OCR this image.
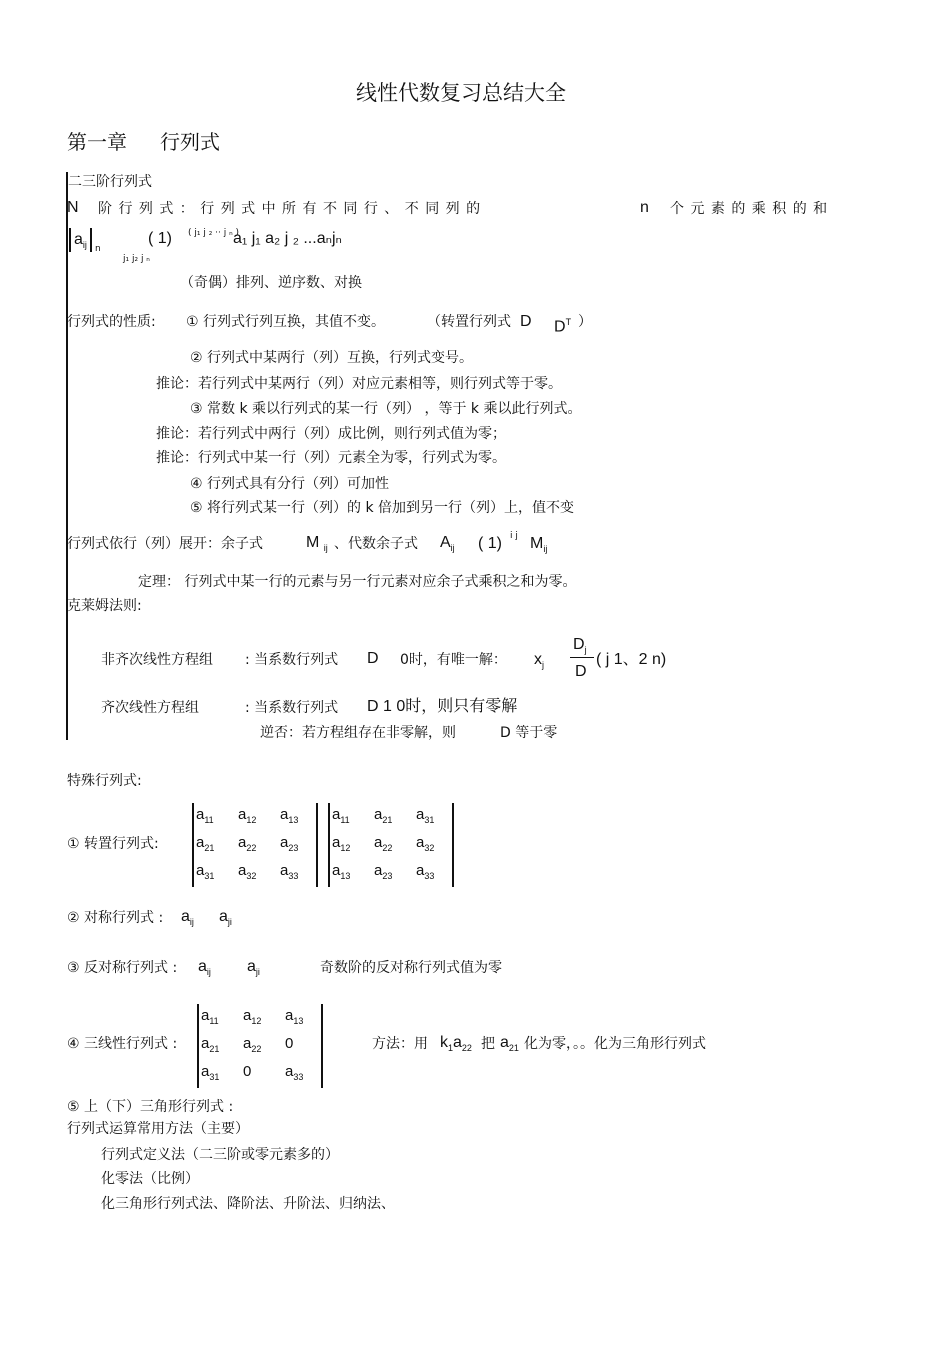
线性代数复习总结大全
第一章 行列式
二三阶行列式
N 阶 行 列 式 ： 行 列 式 中 所 有 不 同 行 、 不 同 列 的	n 个 元 素 的 乘 积 的 和
$a_{ij}$ n
j₁ j₂ j ₙ
( 1) ( j₁ j ₂ ·· j ₙ )
a₁ j₁ a₂ j ₂ ...aₙjₙ
（奇偶）排列、逆序数、对换
行列式的性质: ① 行列式行列互换，其值不变。	（转置行列式 D $D^T$ ）
② 行列式中某两行（列）互换，行列式变号。
推论：若行列式中某两行（列）对应元素相等，则行列式等于零。
③ 常数 k 乘以行列式的某一行（列） ，等于 k 乘以此行列式。
推论：若行列式中两行（列）成比例，则行列式值为零；
推论：行列式中某一行（列）元素全为零，行列式为零。
④ 行列式具有分行（列）可加性
⑤ 将行列式某一行（列）的 k 倍加到另一行（列）上，值不变
行列式依行（列）展开：余子式	M $_{ij}$ 、代数余子式 $A_{ij}$ ( 1) i j $M_{ij}$
定理： 行列式中某一行的元素与另一行元素对应余子式乘积之和为零。
克莱姆法则:
非齐次线性方程组 : 当系数行列式 D 0时，有唯一解： $x_j$
$D_j$
D
( j 1、2 n)
齐次线性方程组	: 当系数行列式 D 1 0时，则只有零解
逆否：若方程组存在非零解，则	D 等于零
特殊行列式:
① 转置行列式:
$a_{11}$ $a_{12}$ $a_{13}$
$a_{21}$ $a_{22}$ $a_{23}$
$a_{31}$ $a_{32}$ $a_{33}$
$a_{11}$ $a_{21}$ $a_{31}$
$a_{12}$ $a_{22}$ $a_{32}$
$a_{13}$ $a_{23}$ $a_{33}$
② 对称行列式 : $a_{ij}$ $a_{ji}$
③ 反对称行列式 : $a_{ij}$ $a_{ji}$	奇数阶的反对称行列式值为零
④ 三线性行列式 :
$a_{11}$ $a_{12}$ $a_{13}$
$a_{21}$ $a_{22}$ 0
$a_{31}$ 0 $a_{33}$
方法：用 $k_1a_{22}$ 把 $a_{21}$ 化为零，。。化为三角形行列式
⑤ 上（下）三角形行列式 :
行列式运算常用方法（主要）
行列式定义法（二三阶或零元素多的）
化零法（比例）
化三角形行列式法、降阶法、升阶法、归纳法、
